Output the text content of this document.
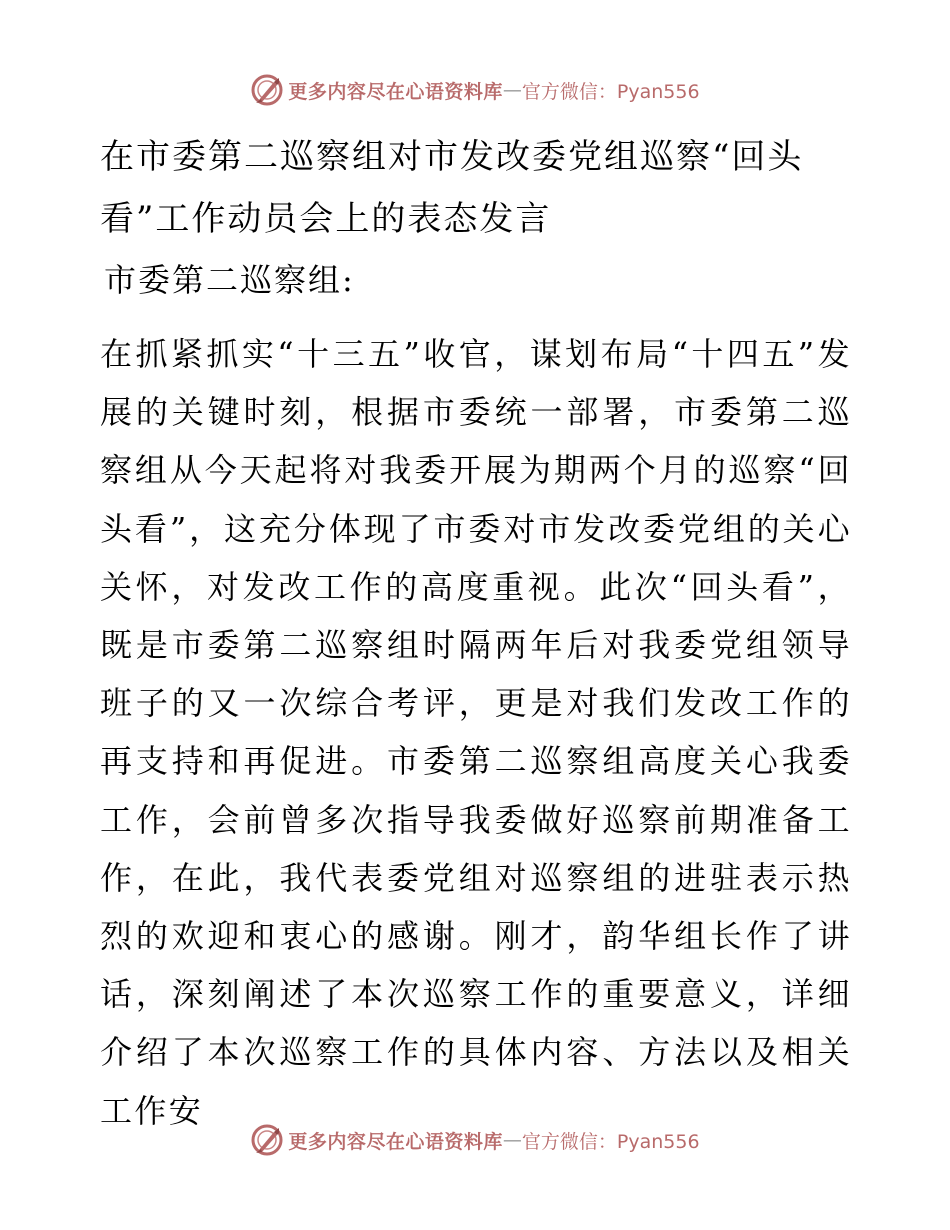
更多内容尽在心语资料库 — 官方微信：Pyan556
在市委第二巡察组对市发改委党组巡察“回头看”工作动员会上的表态发言

市委第二巡察组:

在抓紧抓实“十三五”收官，谋划布局“十四五”发展的关键时刻，根据市委统一部署，市委第二巡察组从今天起将对我委开展为期两个月的巡察“回头看”，这充分体现了市委对市发改委党组的关心关怀，对发改工作的高度重视。此次“回头看”，既是市委第二巡察组时隔两年后对我委党组领导班子的又一次综合考评，更是对我们发改工作的再支持和再促进。市委第二巡察组高度关心我委工作，会前曾多次指导我委做好巡察前期准备工作，在此，我代表委党组对巡察组的进驻表示热烈的欢迎和衷心的感谢。刚才，韵华组长作了讲话，深刻阐述了本次巡察工作的重要意义，详细介绍了本次巡察工作的具体内容、方法以及相关工作安

更多内容尽在心语资料库 — 官方微信：Pyan556
